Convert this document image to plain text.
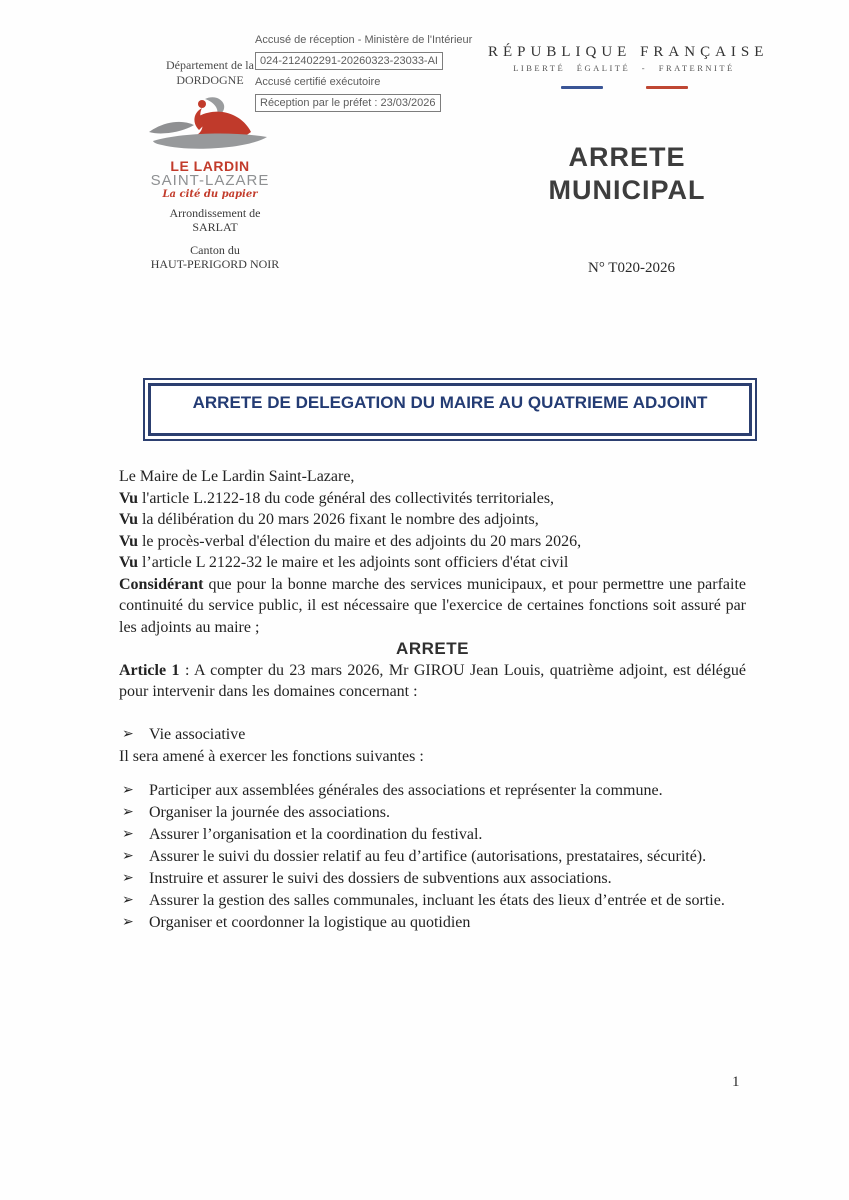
Accusé de réception - Ministère de l'Intérieur
024-212402291-20260323-23033-AI
Accusé certifié exécutoire
Réception par le préfet : 23/03/2026
Département de la
DORDOGNE
RÉPUBLIQUE FRANÇAISE
LIBERTÉ ÉGALITÉ - FRATERNITÉ
LE LARDIN
SAINT-LAZARE
La cité du papier
ARRETE
MUNICIPAL
Arrondissement de
SARLAT
Canton du
HAUT-PERIGORD NOIR	N° T020-2026
ARRETE DE DELEGATION DU MAIRE AU QUATRIEME ADJOINT

Le Maire de Le Lardin Saint-Lazare,

Vu l'article L.2122-18 du code général des collectivités territoriales,

Vu la délibération du 20 mars 2026 fixant le nombre des adjoints,

Vu le procès-verbal d'élection du maire et des adjoints du 20 mars 2026,

Vu l’article L 2122-32 le maire et les adjoints sont officiers d'état civil

Considérant que pour la bonne marche des services municipaux, et pour permettre une parfaite continuité du service public, il est nécessaire que l'exercice de certaines fonctions soit assuré par les adjoints au maire ;

ARRETE

Article 1 : A compter du 23 mars 2026, Mr GIROU Jean Louis, quatrième adjoint, est délégué pour intervenir dans les domaines concernant :

➢ Vie associative

Il sera amené à exercer les fonctions suivantes :

➢ Participer aux assemblées générales des associations et représenter la commune.
➢ Organiser la journée des associations.
➢ Assurer l’organisation et la coordination du festival.
➢ Assurer le suivi du dossier relatif au feu d’artifice (autorisations, prestataires, sécurité).
➢ Instruire et assurer le suivi des dossiers de subventions aux associations.
➢ Assurer la gestion des salles communales, incluant les états des lieux d’entrée et de sortie.
➢ Organiser et coordonner la logistique au quotidien
1
